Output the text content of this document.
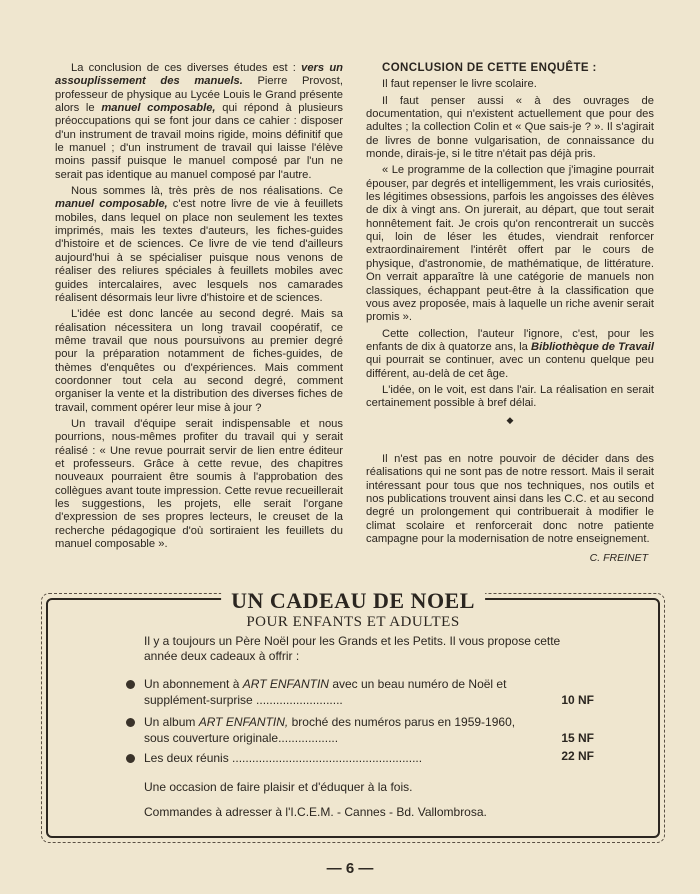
La conclusion de ces diverses études est : vers un assouplissement des manuels. Pierre Provost, professeur de physique au Lycée Louis le Grand présente alors le manuel composable, qui répond à plusieurs préoccupations qui se font jour dans ce cahier : disposer d'un instrument de travail moins rigide, moins définitif que le manuel ; d'un instrument de travail qui laisse l'élève moins passif puisque le manuel composé par l'un ne serait pas identique au manuel composé par l'autre.

Nous sommes là, très près de nos réalisations. Ce manuel composable, c'est notre livre de vie à feuillets mobiles, dans lequel on place non seulement les textes imprimés, mais les textes d'auteurs, les fiches-guides d'histoire et de sciences. Ce livre de vie tend d'ailleurs aujourd'hui à se spécialiser puisque nous venons de réaliser des reliures spéciales à feuillets mobiles avec guides intercalaires, avec lesquels nos camarades réalisent désormais leur livre d'histoire et de sciences.

L'idée est donc lancée au second degré. Mais sa réalisation nécessitera un long travail coopératif, ce même travail que nous poursuivons au premier degré pour la préparation notamment de fiches-guides, de thèmes d'enquêtes ou d'expériences. Mais comment coordonner tout cela au second degré, comment organiser la vente et la distribution des diverses fiches de travail, comment opérer leur mise à jour ?

Un travail d'équipe serait indispensable et nous pourrions, nous-mêmes profiter du travail qui y serait réalisé : « Une revue pourrait servir de lien entre éditeur et professeurs. Grâce à cette revue, des chapitres nouveaux pourraient être soumis à l'approbation des collègues avant toute impression. Cette revue recueillerait les suggestions, les projets, elle serait l'organe d'expression de ses propres lecteurs, le creuset de la recherche pédagogique d'où sortiraient les feuillets du manuel composable ».

CONCLUSION DE CETTE ENQUÊTE :

Il faut repenser le livre scolaire.

Il faut penser aussi « à des ouvrages de documentation, qui n'existent actuellement que pour des adultes ; la collection Colin et « Que sais-je ? ». Il s'agirait de livres de bonne vulgarisation, de connaissance du monde, dirais-je, si le titre n'était pas déjà pris.

« Le programme de la collection que j'imagine pourrait épouser, par degrés et intelligemment, les vrais curiosités, les légitimes obsessions, parfois les angoisses des élèves de dix à vingt ans. On jurerait, au départ, que tout serait honnêtement fait. Je crois qu'on rencontrerait un succès qui, loin de léser les études, viendrait renforcer extraordinairement l'intérêt offert par le cours de physique, d'astronomie, de mathématique, de littérature. On verrait apparaître là une catégorie de manuels non classiques, échappant peut-être à la classification que vous avez proposée, mais à laquelle un riche avenir serait promis ».

Cette collection, l'auteur l'ignore, c'est, pour les enfants de dix à quatorze ans, la Bibliothèque de Travail qui pourrait se continuer, avec un contenu quelque peu différent, au-delà de cet âge.

L'idée, on le voit, est dans l'air. La réalisation en serait certainement possible à bref délai.

◆

Il n'est pas en notre pouvoir de décider dans des réalisations qui ne sont pas de notre ressort. Mais il serait intéressant pour tous que nos techniques, nos outils et nos publications trouvent ainsi dans les C.C. et au second degré un prolongement qui contribuerait à modifier le climat scolaire et renforcerait donc notre patiente campagne pour la modernisation de notre enseignement.

C. FREINET
UN CADEAU DE NOEL
POUR ENFANTS ET ADULTES
Il y a toujours un Père Noël pour les Grands et les Petits. Il vous propose cette année deux cadeaux à offrir :
Un abonnement à ART ENFANTIN avec un beau numéro de Noël et supplément-surprise ..........................	10 NF
Un album ART ENFANTIN, broché des numéros parus en 1959-1960, sous couverture originale..................	15 NF
Les deux réunis .........................................................	22 NF
Une occasion de faire plaisir et d'éduquer à la fois.
Commandes à adresser à l'I.C.E.M. - Cannes - Bd. Vallombrosa.
— 6 —
